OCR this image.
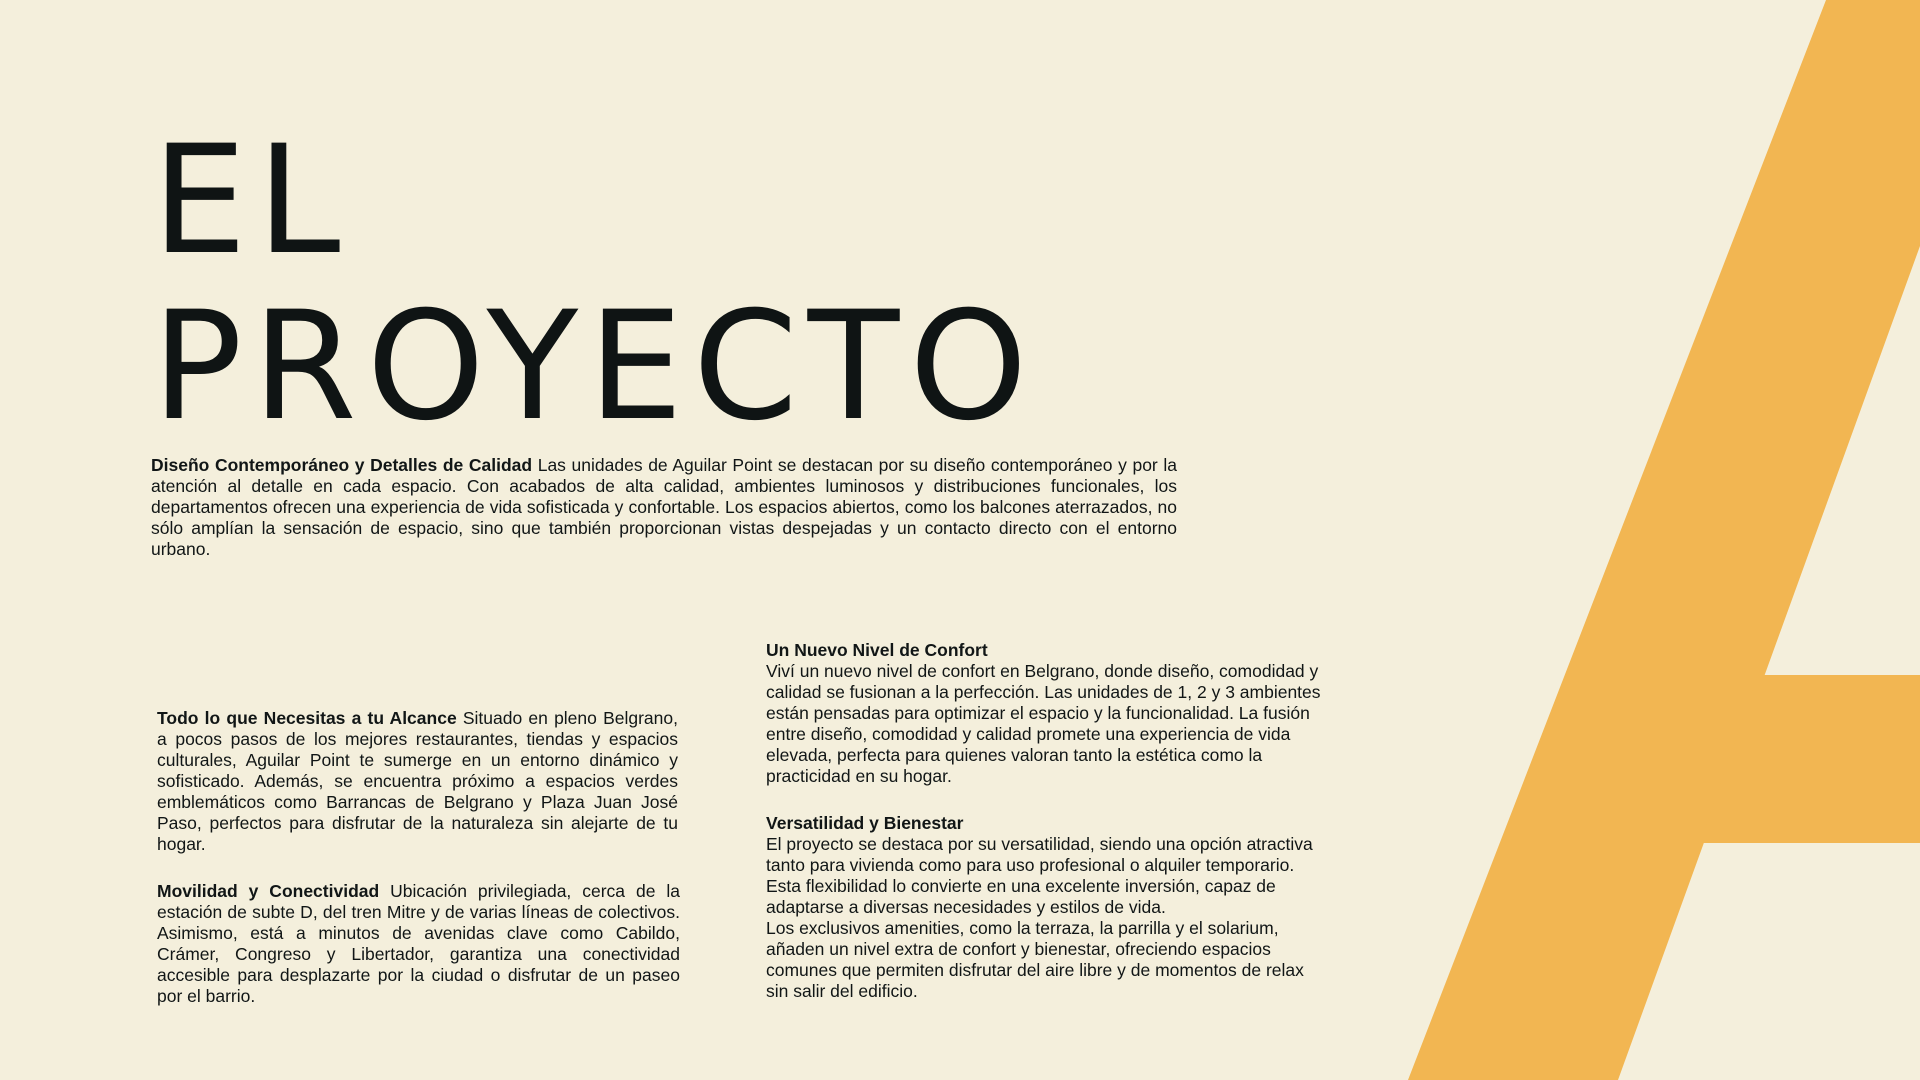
EL
PROYECTO

Diseño Contemporáneo y Detalles de Calidad Las unidades de Aguilar Point se destacan por su diseño contemporáneo y por la atención al detalle en cada espacio. Con acabados de alta calidad, ambientes luminosos y distribuciones funcionales, los departamentos ofrecen una experiencia de vida sofisticada y confortable. Los espacios abiertos, como los balcones aterrazados, no sólo amplían la sensación de espacio, sino que también proporcionan vistas despejadas y un contacto directo con el entorno urbano.

Todo lo que Necesitas a tu Alcance Situado en pleno Belgrano, a pocos pasos de los mejores restaurantes, tiendas y espacios culturales, Aguilar Point te sumerge en un entorno dinámico y sofisticado. Además, se encuentra próximo a espacios verdes emblemáticos como Barrancas de Belgrano y Plaza Juan José Paso, perfectos para disfrutar de la naturaleza sin alejarte de tu hogar.

Movilidad y Conectividad Ubicación privilegiada, cerca de la estación de subte D, del tren Mitre y de varias líneas de colectivos. Asimismo, está a minutos de avenidas clave como Cabildo, Crámer, Congreso y Libertador, garantiza una conectividad accesible para desplazarte por la ciudad o disfrutar de un paseo por el barrio.

Un Nuevo Nivel de Confort
Viví un nuevo nivel de confort en Belgrano, donde diseño, comodidad y calidad se fusionan a la perfección. Las unidades de 1, 2 y 3 ambientes están pensadas para optimizar el espacio y la funcionalidad. La fusión entre diseño, comodidad y calidad promete una experiencia de vida elevada, perfecta para quienes valoran tanto la estética como la practicidad en su hogar.
Versatilidad y Bienestar
El proyecto se destaca por su versatilidad, siendo una opción atractiva tanto para vivienda como para uso profesional o alquiler temporario. Esta flexibilidad lo convierte en una excelente inversión, capaz de adaptarse a diversas necesidades y estilos de vida.
Los exclusivos amenities, como la terraza, la parrilla y el solarium, añaden un nivel extra de confort y bienestar, ofreciendo espacios comunes que permiten disfrutar del aire libre y de momentos de relax sin salir del edificio.
